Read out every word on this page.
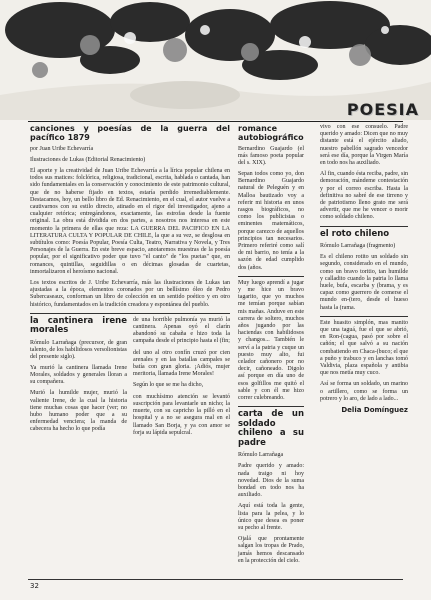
POESIA

canciones y poesías de la guerra del pacífico 1879

por Juan Uribe Echevarría

Ilustraciones de Lukas (Editorial Renacimiento)

El aporte y la creatividad de Juan Uribe Echevarría a la lírica popular chilena en todos sus matices: folclórica, religiosa, tradicional, escrita, hablada o cantada, han sido fundamentales en la conservación y conocimiento de este patrimonio cultural, que de no haberse fijado en textos, estaría perdido irremediablemente. Destacamos, hoy, un bello libro de Ed. Renacimiento, en el cual, el autor vuelve a cautivarnos con su estilo directo, atinado en el rigor del investigador, ajeno a cualquier retórica; entregándonos, exactamente, las estrofas desde la fuente original. La obra está dividida en dos partes, a nosotros nos interesa en este momento la primera de ellas que reza: LA GUERRA DEL PACIFICO EN LA LITERATURA CULTA Y POPULAR DE CHILE, la que a su vez, se desglosa en subtítulos como: Poesía Popular, Poesía Culta, Teatro, Narrativa y Novela, y Tres Personajes de la Guerra. En este breve espacio, anotaremos muestras de la poesía popular, por el significativo poder que tuvo "el canto" de "los puetas" que, en romances, quintillas, seguidillas o en décimas glosadas de cuartetas, inmortalizaron el heroísmo nacional.

Los textos escritos de J. Uribe Echevarría, más las ilustraciones de Lukas tan ajustadas a la época, elementos coronados por un bellísimo óleo de Pedro Subercaseaux, conforman un libro de colección en un sentido poético y en otro histórico, fundamentados en la tradición creadora y espontánea del pueblo.

la cantinera irene morales

Rómulo Larrañaga (precursor, de gran talento, de los habilidosos versolionistas del presente siglo).

Ya murió la cantinera llamada Irene Morales, soldados y generales lloran a su compañera.

Murió la humilde mujer, murió la valiente Irene, de la cual la historia tiene muchas cosas que hacer (ver; no hubo humano poder que a su enfermedad venciera; la manda de cabecera ha hecho lo que podía

de una horrible pulmonía ya murió la cantinera. Apenas oyó el clarín abandonó su cabaña e hizo toda la campaña desde el principio hasta el (fin;

del uno al otro confín cruzó por cien arenales y en las batallas campales se batía con gran gloria. ¡Adiós, mujer meritoria, llamada Irene Morales!

Según lo que se me ha dicho,

con muchísimo atención se levantó suscripción para levantarle un nicho; la muerte, con su capricho la pilló en el hospital y a no se asegura mal en el llamado San Borja, y ya con amor se forja su lápida sepulcral.

romance autobiográfico

Bernardino Guajardo (el más famoso poeta popular del s. XIX).

Sepan todos como yo, don Bernardino Guajardo natural de Peleguén y en Malloa bautizado voy a referir mi historia en unos rasgos biográficos, no como los publicistas o eminentes matemáticos, porque carezco de aquellos principios tan necesarios. Primero referiré como salí de mi barrio, no tenía a la sazón de edad cumplido dos (años.

Muy luego aprendí a jugar y me hice un bravo tagarito, que yo muchos me temían porque sabían mis mañas. Anduve en este carrera de soltero, muchos años jugando por las haciendas con habilidosos y changos... También le serví a la patria y cuque un puesto muy alto, fui celador cañonero por no decir, cañoneado. Digolo así porque en día uno de esos golfillos me quitó el sable y con él me hizo correr culebreando.

carta de un soldado chileno a su padre

Rómulo Larrañaga

Padre querido y amado: nada traigo ni hoy novedad. Dios de la suma bondad en todo nos ha auxiliado.

Aquí está toda la gente, lista para la pelea, y lo único que desea es poner su pecho al frente.

Ojalá que prontamente salgan los tropas de Prado, jamás hemos descansado en la protección del cielo.

vivo con ese consuelo. Padre querido y amado: Dicen que no muy distante está el ejército aliado, nuestro pabellón sagrado vencedor será ese día, porque la Virgen María en todo nos ha auxiliado.

Al fin, cuando ésta reciba, padre, sin demoración, mándeme contestación y por el correo escriba. Hasta la definitiva no sabré de ese tirreno y de patriotismo lleno grato me será advertir, que me he vencer o morir como soldado chileno.

el roto chileno

Rómulo Larrañaga (fragmento)

Es el chileno rotito un soldado sin segundo, considerado en el mundo, como un bravo toritio, tan humilde y calladito cuando la patria lo llama huele, bufa, escarba y (brama, y es capaz como guerrero de comerse el mundo en-(tero, desde el hueso hasta la (rama.

Este huasito simplón, mas manito que una taguá, fue el que se abrió, en Ron-(cagua, pasó por sobre el cañón; el que salvó a su nación combatiendo en Chaca-(buco; el que a puño y trabuco y en lanchas tomó Valdivia, plaza española y antibia que nos metía muy cuco.

Así se forma un soldado, un marino o artillero, como se forma un potrero y lo aro, de lado a lado...

Delia Domínguez
32
